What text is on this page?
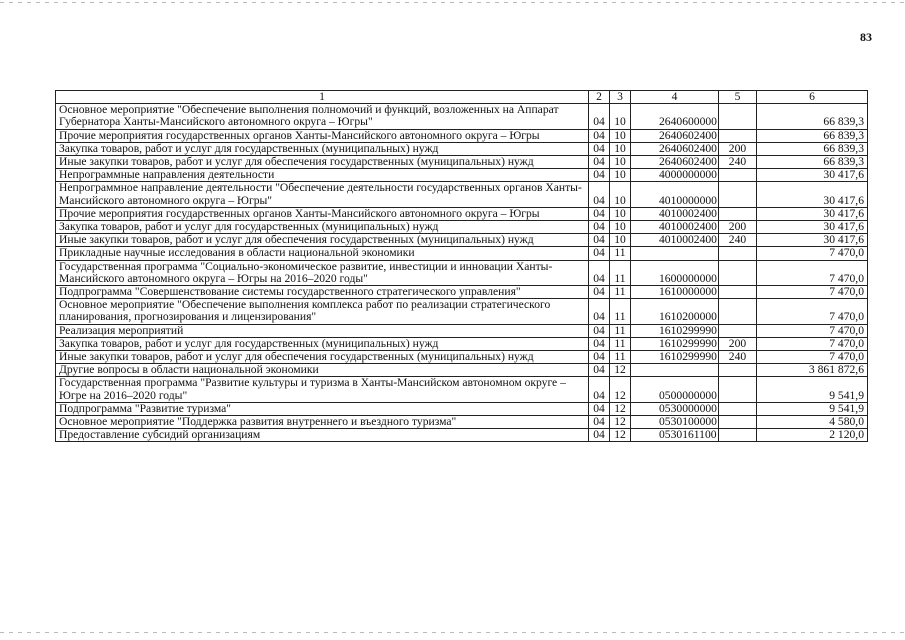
83
1	2	3	4	5	6
Основное мероприятие "Обеспечение выполнения полномочий и функций, возложенных на Аппарат Губернатора Ханты-Мансийского автономного округа – Югры"	04	10	2640600000		66 839,3
Прочие мероприятия государственных органов Ханты-Мансийского автономного округа – Югры	04	10	2640602400		66 839,3
Закупка товаров, работ и услуг для государственных (муниципальных) нужд	04	10	2640602400	200	66 839,3
Иные закупки товаров, работ и услуг для обеспечения государственных (муниципальных) нужд	04	10	2640602400	240	66 839,3
Непрограммные направления деятельности	04	10	4000000000		30 417,6
Непрограммное направление деятельности "Обеспечение деятельности государственных органов Ханты-Мансийского автономного округа – Югры"	04	10	4010000000		30 417,6
Прочие мероприятия государственных органов Ханты-Мансийского автономного округа – Югры	04	10	4010002400		30 417,6
Закупка товаров, работ и услуг для государственных (муниципальных) нужд	04	10	4010002400	200	30 417,6
Иные закупки товаров, работ и услуг для обеспечения государственных (муниципальных) нужд	04	10	4010002400	240	30 417,6
Прикладные научные исследования в области национальной экономики	04	11			7 470,0
Государственная программа "Социально-экономическое развитие, инвестиции и инновации Ханты-Мансийского автономного округа – Югры на 2016–2020 годы"	04	11	1600000000		7 470,0
Подпрограмма "Совершенствование системы государственного стратегического управления"	04	11	1610000000		7 470,0
Основное мероприятие "Обеспечение выполнения комплекса работ по реализации стратегического планирования, прогнозирования и лицензирования"	04	11	1610200000		7 470,0
Реализация мероприятий	04	11	1610299990		7 470,0
Закупка товаров, работ и услуг для государственных (муниципальных) нужд	04	11	1610299990	200	7 470,0
Иные закупки товаров, работ и услуг для обеспечения государственных (муниципальных) нужд	04	11	1610299990	240	7 470,0
Другие вопросы в области национальной экономики	04	12			3 861 872,6
Государственная программа "Развитие культуры и туризма в Ханты-Мансийском автономном округе – Югре на 2016–2020 годы"	04	12	0500000000		9 541,9
Подпрограмма "Развитие туризма"	04	12	0530000000		9 541,9
Основное мероприятие "Поддержка развития внутреннего и въездного туризма"	04	12	0530100000		4 580,0
Предоставление субсидий организациям	04	12	0530161100		2 120,0
